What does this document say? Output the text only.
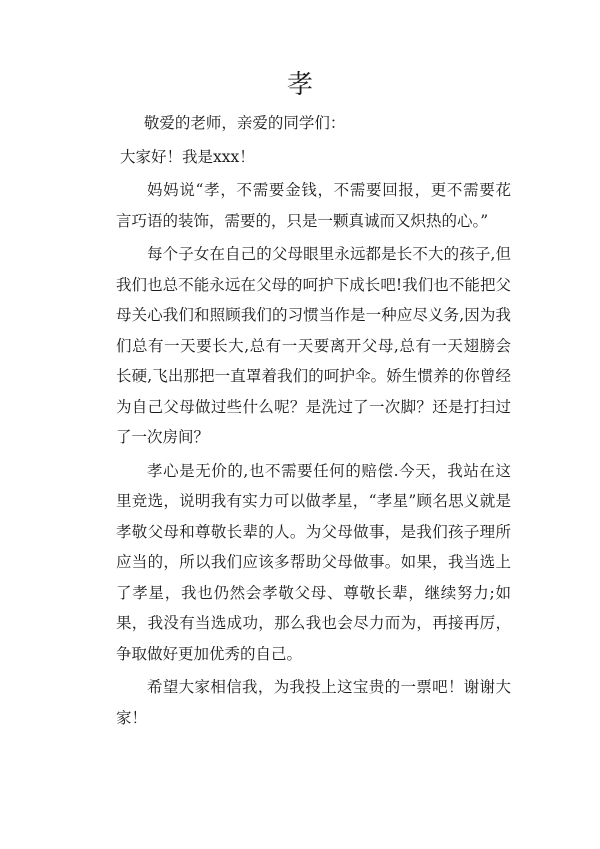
孝

敬爱的老师，亲爱的同学们：

大家好！我是xxx！

妈妈说“孝，不需要金钱，不需要回报，更不需要花言巧语的装饰，需要的，只是一颗真诚而又炽热的心。”

每个子女在自己的父母眼里永远都是长不大的孩子,但我们也总不能永远在父母的呵护下成长吧!我们也不能把父母关心我们和照顾我们的习惯当作是一种应尽义务,因为我们总有一天要长大,总有一天要离开父母,总有一天翅膀会长硬,飞出那把一直罩着我们的呵护伞。娇生惯养的你曾经为自己父母做过些什么呢？是洗过了一次脚？还是打扫过了一次房间？

孝心是无价的,也不需要任何的赔偿.今天，我站在这里竞选，说明我有实力可以做孝星，“孝星”顾名思义就是孝敬父母和尊敬长辈的人。为父母做事，是我们孩子理所应当的，所以我们应该多帮助父母做事。如果，我当选上了孝星，我也仍然会孝敬父母、尊敬长辈，继续努力;如果，我没有当选成功，那么我也会尽力而为，再接再厉，争取做好更加优秀的自己。

希望大家相信我，为我投上这宝贵的一票吧！谢谢大家！
